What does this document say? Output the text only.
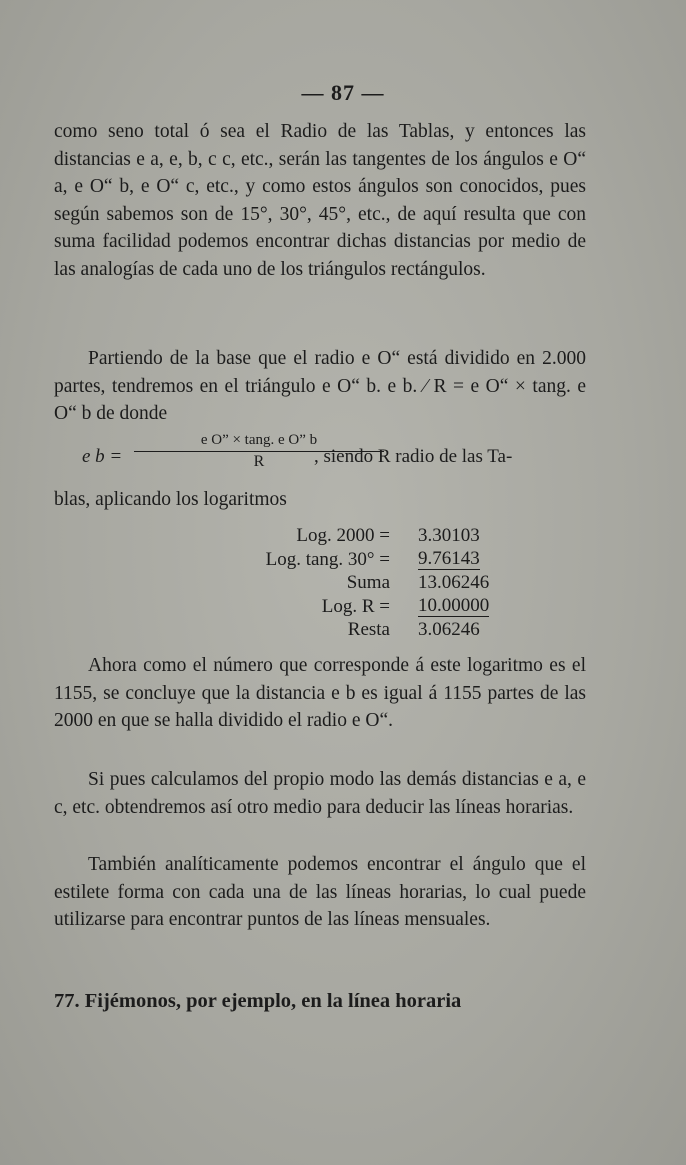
— 87 —
como seno total ó sea el Radio de las Tablas, y entonces las distancias e a, e, b, c c, etc., serán las tangentes de los ángulos e O“ a, e O“ b, e O“ c, etc., y como estos ángulos son conocidos, pues según sabemos son de 15°, 30°, 45°, etc., de aquí resulta que con suma facilidad podemos encontrar dichas distancias por medio de las analogías de cada uno de los triángulos rectángulos.
Partiendo de la base que el radio e O“ está dividido en 2.000 partes, tendremos en el triángulo e O“ b. e b. ⁄ R = e O“ × tang. e O“ b de donde
e $b = \frac{\text{e O” × tang. e O” b}}{R}$
, siendo R radio de las Ta-
blas, aplicando los logaritmos
Log. 2000 = 3.30103
Log. tang. 30° = 9.76143
Suma 13.06246
Log. R = 10.00000
Resta 3.06246
Ahora como el número que corresponde á este logaritmo es el 1155, se concluye que la distancia e b es igual á 1155 partes de las 2000 en que se halla dividido el radio e O“.
Si pues calculamos del propio modo las demás distancias e a, e c, etc. obtendremos así otro medio para deducir las líneas horarias.
También analíticamente podemos encontrar el ángulo que el estilete forma con cada una de las líneas horarias, lo cual puede utilizarse para encontrar puntos de las líneas mensuales.
77. Fijémonos, por ejemplo, en la línea horaria
